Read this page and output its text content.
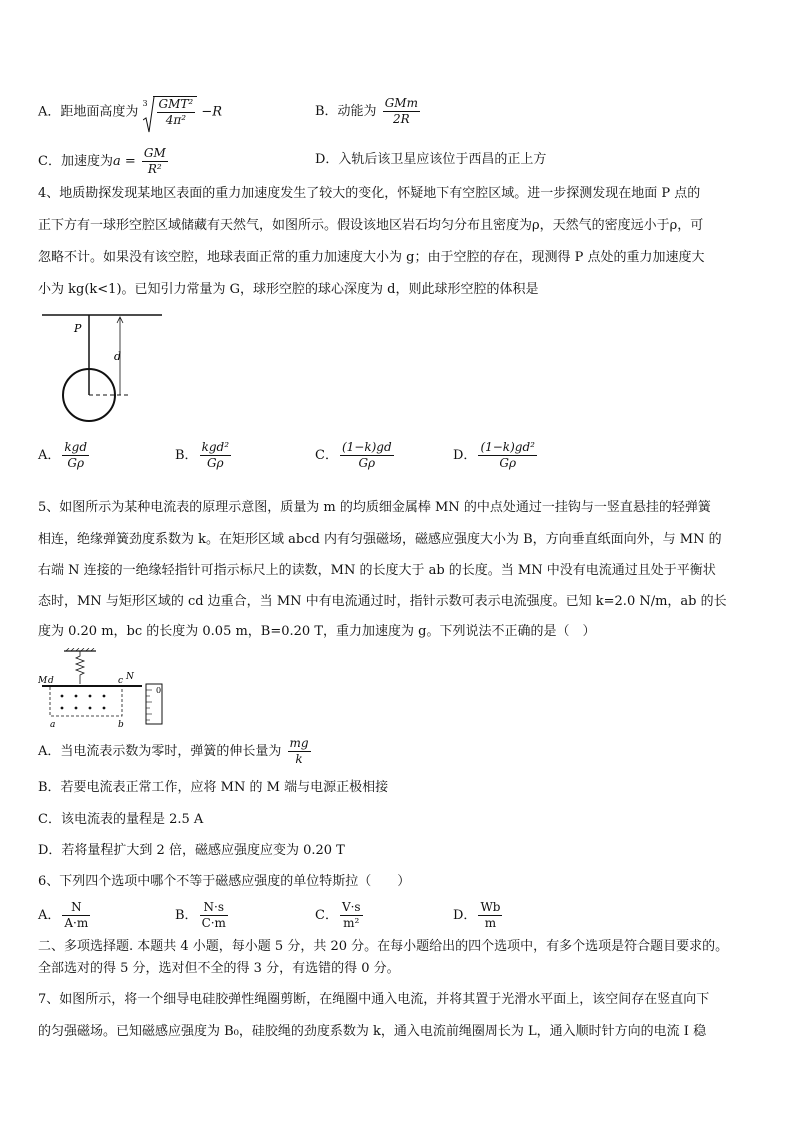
A．距地面高度为
$3 \frac{\text{GMT²}}{\text{4π²}} -R$	B．动能为 $\frac{\text{GMm}}{2R}$
C．加速度为$a = \frac{GM}{\text{R²}}$	D．入轨后该卫星应该位于西昌的正上方
4、地质勘探发现某地区表面的重力加速度发生了较大的变化，怀疑地下有空腔区域。进一步探测发现在地面 P 点的
正下方有一球形空腔区域储藏有天然气，如图所示。假设该地区岩石均匀分布且密度为ρ，天然气的密度远小于ρ，可
忽略不计。如果没有该空腔，地球表面正常的重力加速度大小为 g；由于空腔的存在，现测得 P 点处的重力加速度大
小为 kg(k<1)。已知引力常量为 G，球形空腔的球心深度为 d，则此球形空腔的体积是
P
d
A． $\frac{\text{kgd}}{G\rho}$	B． $\frac{\text{kgd²}}{G\rho}$	C． $\frac{(1-k)gd}{G\rho}$	D． $\frac{\text{(1−k)gd²}}{G\rho}$
5、如图所示为某种电流表的原理示意图，质量为 m 的均质细金属棒 MN 的中点处通过一挂钩与一竖直悬挂的轻弹簧
相连，绝缘弹簧劲度系数为 k。在矩形区域 abcd 内有匀强磁场，磁感应强度大小为 B，方向垂直纸面向外，与 MN 的
右端 N 连接的一绝缘轻指针可指示标尺上的读数，MN 的长度大于 ab 的长度。当 MN 中没有电流通过且处于平衡状
态时，MN 与矩形区域的 cd 边重合，当 MN 中有电流通过时，指针示数可表示电流强度。已知 k=2.0 N/m，ab 的长
度为 0.20 m，bc 的长度为 0.05 m，B=0.20 T，重力加速度为 g。下列说法不正确的是（　）
M d	c N
a	b
0
A．当电流表示数为零时，弹簧的伸长量为 $\frac{mg}{k}$
B．若要电流表正常工作，应将 MN 的 M 端与电源正极相接
C．该电流表的量程是 2.5 A
D．若将量程扩大到 2 倍，磁感应强度应变为 0.20 T
6、下列四个选项中哪个不等于磁感应强度的单位特斯拉（　　）
A． $\frac{N}{A\cdot m}$	B． $\frac{N\cdot s}{C\cdot m}$	C． $\frac{V\cdot s}{\text{m²}}$	D． $\frac{Wb}{m}$
二、多项选择题. 本题共 4 小题，每小题 5 分，共 20 分。在每小题给出的四个选项中，有多个选项是符合题目要求的。
全部选对的得 5 分，选对但不全的得 3 分，有选错的得 0 分。
7、如图所示，将一个细导电硅胶弹性绳圈剪断，在绳圈中通入电流，并将其置于光滑水平面上，该空间存在竖直向下
的匀强磁场。已知磁感应强度为 B₀，硅胶绳的劲度系数为 k，通入电流前绳圈周长为 L，通入顺时针方向的电流 I 稳
